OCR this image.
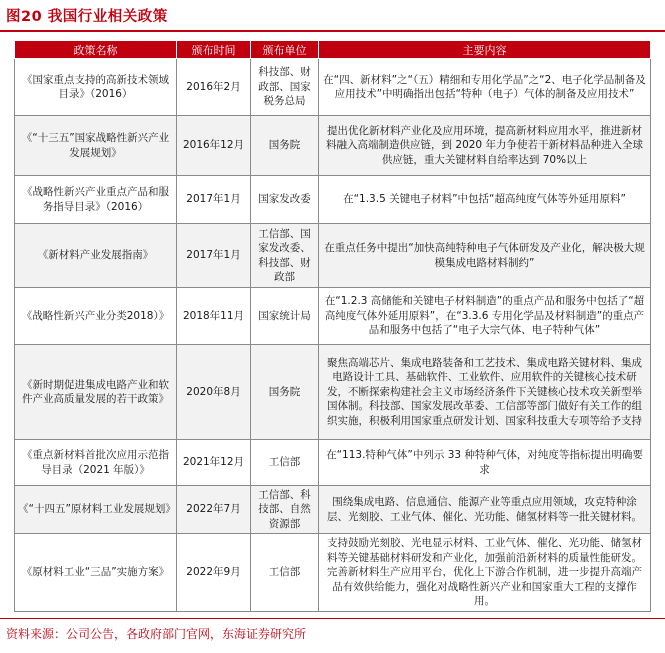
图20 我国行业相关政策
政策名称	颁布时间	颁布单位	主要内容
《国家重点支持的高新技术领域目录》（2016）	2016年2月	科技部、财政部、国家税务总局	在“四、新材料”之“（五）精细和专用化学品”之“2、电子化学品制备及应用技术”中明确指出包括“特种（电子）气体的制备及应用技术”
《“十三五”国家战略性新兴产业发展规划》	2016年12月	国务院	提出优化新材料产业化及应用环境，提高新材料应用水平，推进新材料融入高端制造供应链，到 2020 年力争使若干新材料品种进入全球供应链，重大关键材料自给率达到 70%以上
《战略性新兴产业重点产品和服务指导目录》（2016）	2017年1月	国家发改委	在“1.3.5 关键电子材料”中包括“超高纯度气体等外延用原料”
《新材料产业发展指南》	2017年1月	工信部、国家发改委、科技部、财政部	在重点任务中提出“加快高纯特种电子气体研发及产业化，解决极大规模集成电路材料制约”
《战略性新兴产业分类2018）》	2018年11月	国家统计局	在“1.2.3 高储能和关键电子材料制造”的重点产品和服务中包括了“超高纯度气体外延用原料”，在“3.3.6 专用化学品及材料制造”的重点产品和服务中包括了“电子大宗气体、电子特种气体”
《新时期促进集成电路产业和软件产业高质量发展的若干政策》	2020年8月	国务院	聚焦高端芯片、集成电路装备和工艺技术、集成电路关键材料、集成电路设计工具、基础软件、工业软件、应用软件的关键核心技术研发，不断探索构建社会主义市场经济条件下关键核心技术攻关新型举国体制。科技部、国家发展改革委、工信部等部门做好有关工作的组织实施，积极利用国家重点研发计划、国家科技重大专项等给予支持
《重点新材料首批次应用示范指导目录（2021 年版）》	2021年12月	工信部	在“113.特种气体”中列示 33 种特种气体，对纯度等指标提出明确要求
《“十四五”原材料工业发展规划》	2022年7月	工信部、科技部、自然资源部	围绕集成电路、信息通信、能源产业等重点应用领域，攻克特种涂层、光刻胶、工业气体、催化、光功能、储氢材料等一批关键材料。
《原材料工业“三品”实施方案》	2022年9月	工信部	支持鼓励光刻胶、光电显示材料、工业气体、催化、光功能、储氢材料等关键基础材料研发和产业化，加强前沿新材料的质量性能研发。完善新材料生产应用平台，优化上下游合作机制，进一步提升高端产品有效供给能力，强化对战略性新兴产业和国家重大工程的支撑作用。
资料来源：公司公告，各政府部门官网，东海证券研究所
